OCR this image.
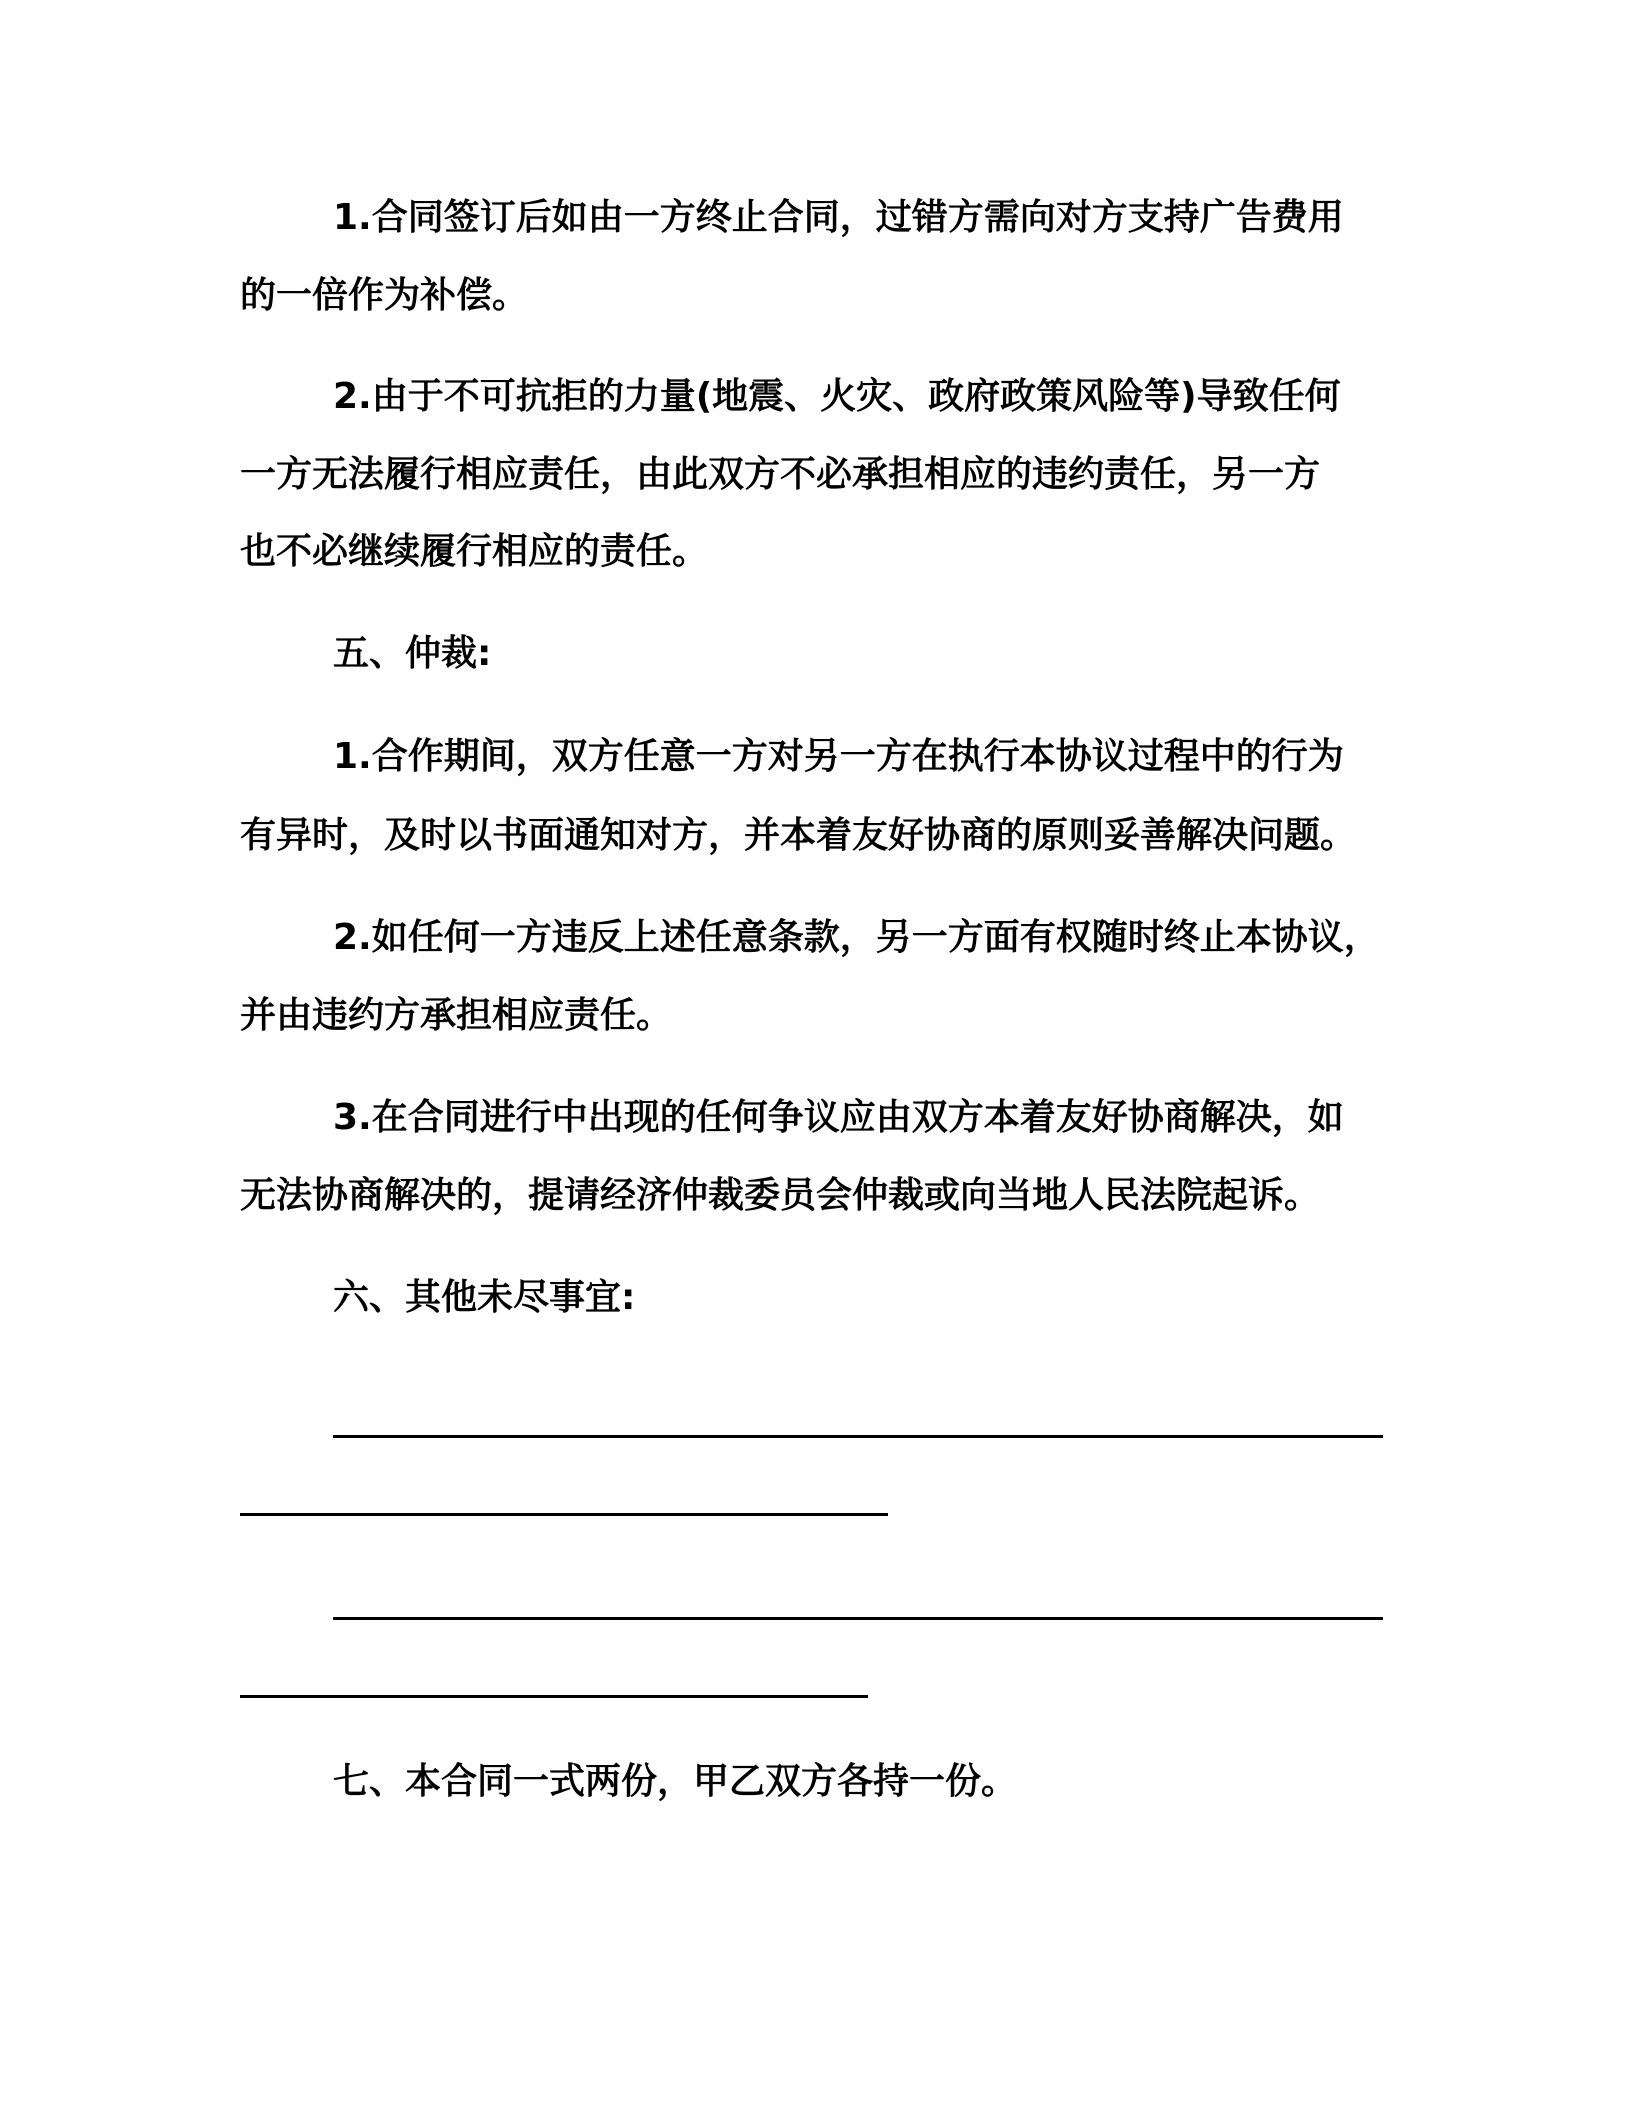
1.合同签订后如由一方终止合同，过错方需向对方支持广告费用
的一倍作为补偿。
2.由于不可抗拒的力量(地震、火灾、政府政策风险等)导致任何
一方无法履行相应责任，由此双方不必承担相应的违约责任，另一方
也不必继续履行相应的责任。
五、仲裁:
1.合作期间，双方任意一方对另一方在执行本协议过程中的行为
有异时，及时以书面通知对方，并本着友好协商的原则妥善解决问题。
2.如任何一方违反上述任意条款，另一方面有权随时终止本协议，
并由违约方承担相应责任。
3.在合同进行中出现的任何争议应由双方本着友好协商解决，如
无法协商解决的，提请经济仲裁委员会仲裁或向当地人民法院起诉。
六、其他未尽事宜:
七、本合同一式两份，甲乙双方各持一份。
